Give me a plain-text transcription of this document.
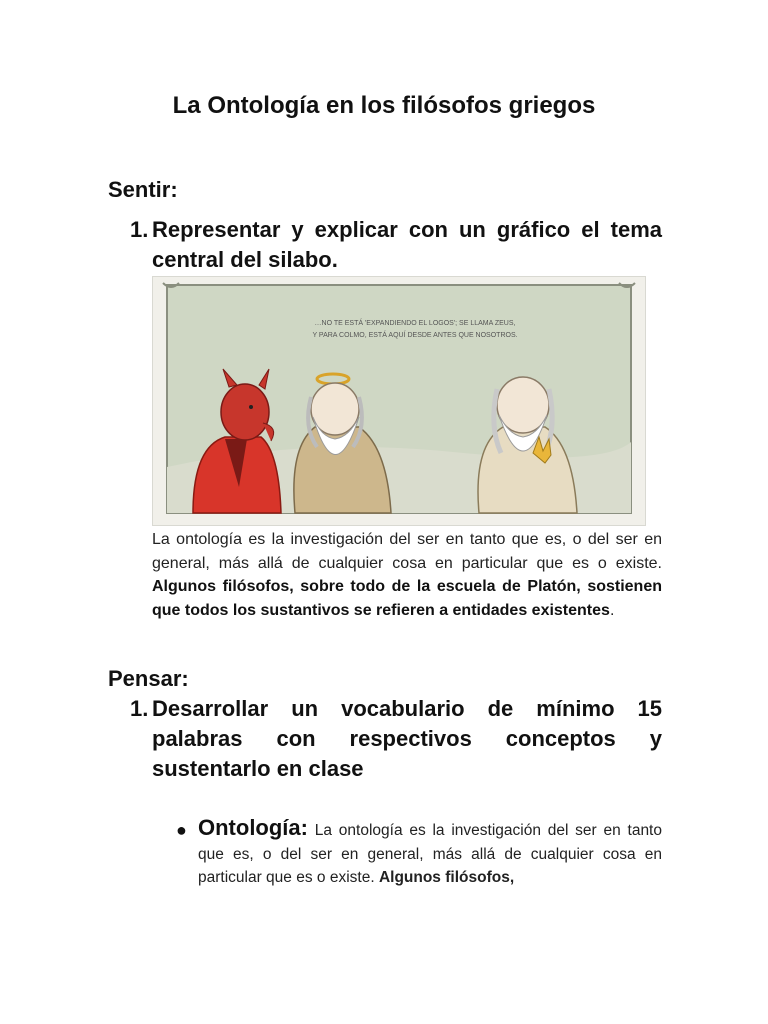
La Ontología en los filósofos griegos
Sentir:
1. Representar y explicar con un gráfico el tema central del silabo.
…NO TE ESTÁ 'EXPANDIENDO EL LOGOS'; SE LLAMA ZEUS,
Y PARA COLMO, ESTÁ AQUÍ DESDE ANTES QUE NOSOTROS.
La ontología es la investigación del ser en tanto que es, o del ser en general, más allá de cualquier cosa en particular que es o existe. Algunos filósofos, sobre todo de la escuela de Platón, sostienen que todos los sustantivos se refieren a entidades existentes.
Pensar:
1. Desarrollar un vocabulario de mínimo 15 palabras con respectivos conceptos y sustentarlo en clase
● Ontología: La ontología es la investigación del ser en tanto que es, o del ser en general, más allá de cualquier cosa en particular que es o existe. Algunos filósofos,
